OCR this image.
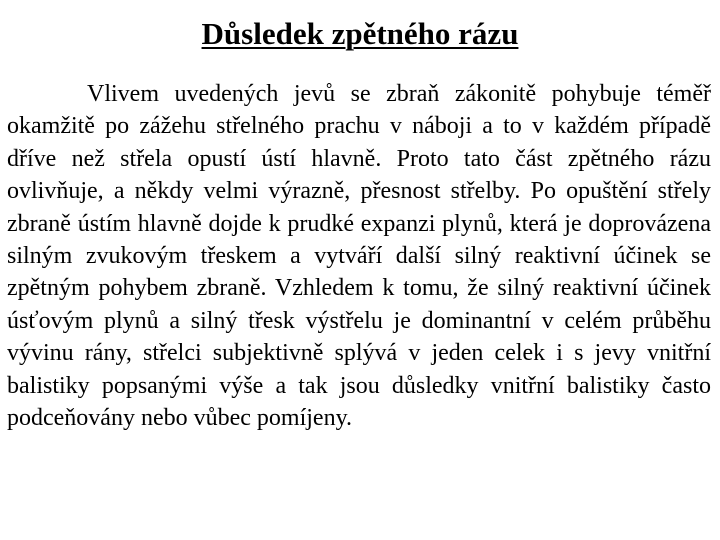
Důsledek zpětného rázu

Vlivem uvedených jevů se zbraň zákonitě pohybuje téměř okamžitě po zážehu střelného prachu v náboji a to v každém případě dříve než střela opustí ústí hlavně. Proto tato část zpětného rázu ovlivňuje, a někdy velmi výrazně, přesnost střelby. Po opuštění střely zbraně ústím hlavně dojde k prudké expanzi plynů, která je doprovázena silným zvukovým třeskem a vytváří další silný reaktivní účinek se zpětným pohybem zbraně. Vzhledem k tomu, že silný reaktivní účinek úsťovým plynů a silný třesk výstřelu je dominantní v celém průběhu vývinu rány, střelci subjektivně splývá v jeden celek i s jevy vnitřní balistiky popsanými výše a tak jsou důsledky vnitřní balistiky často podceňovány nebo vůbec pomíjeny.
